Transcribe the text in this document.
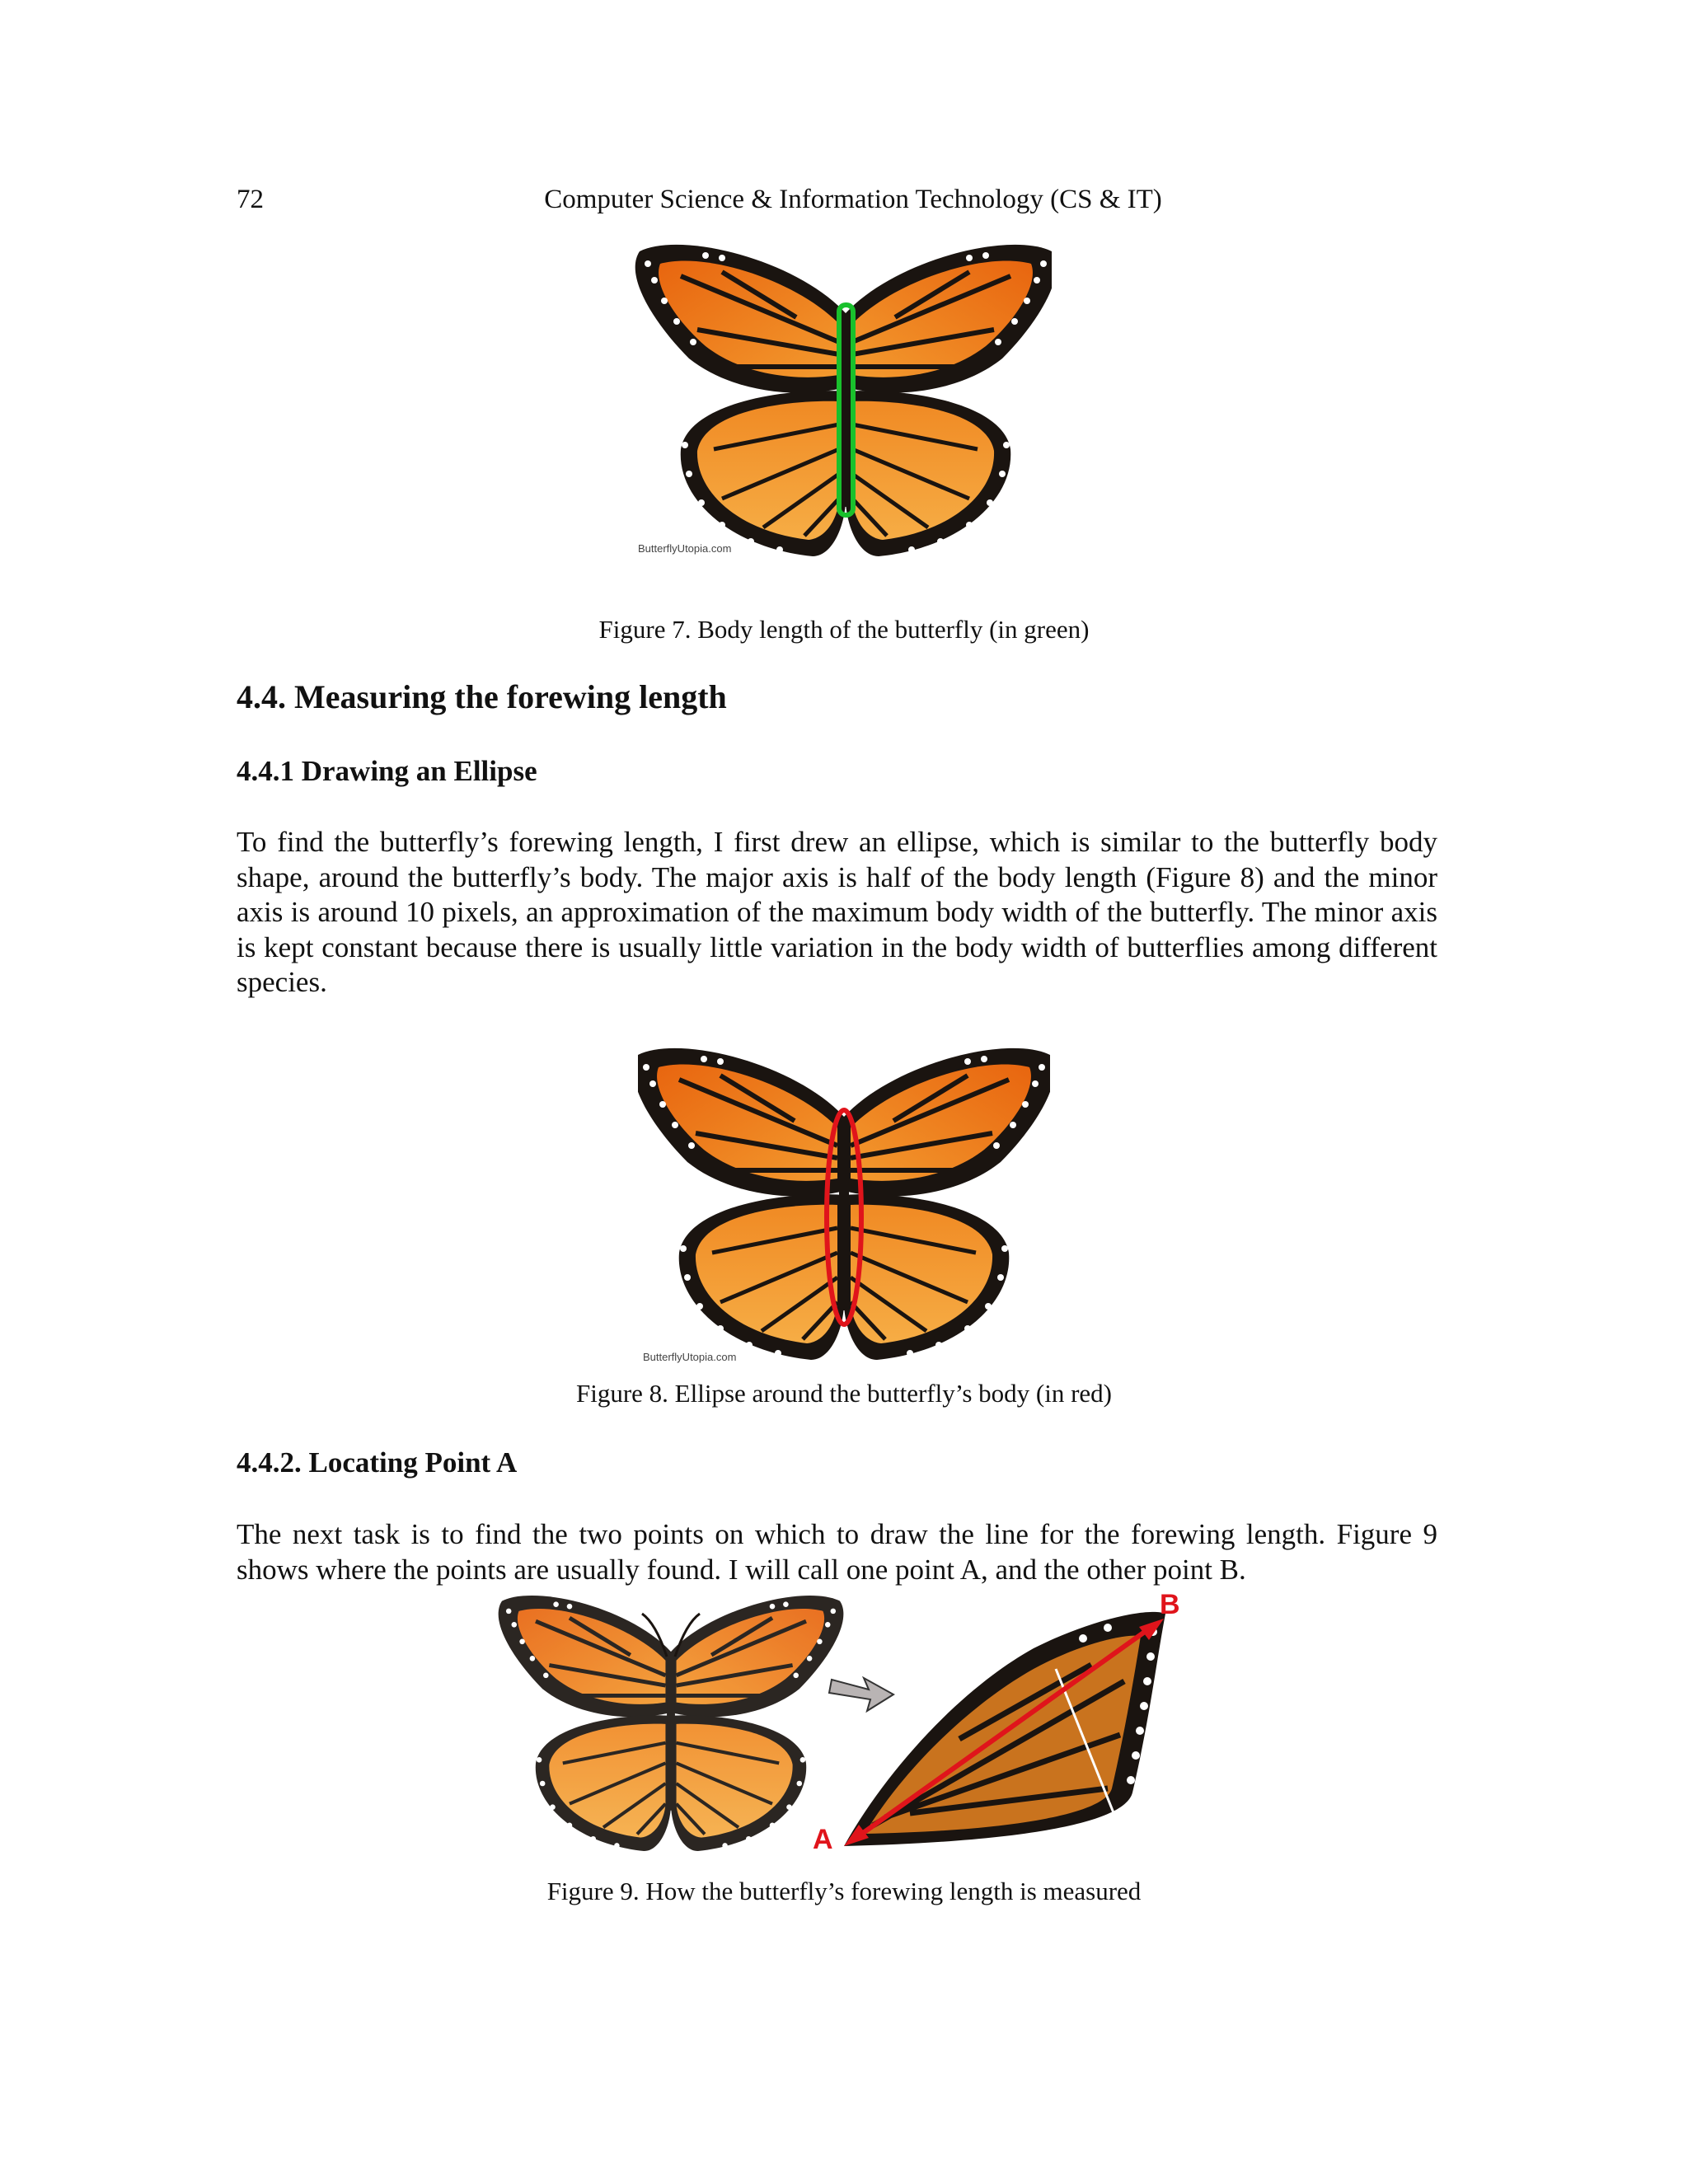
72	Computer Science & Information Technology (CS & IT)
ButterflyUtopia.com
Figure 7. Body length of the butterfly (in green)
4.4. Measuring the forewing length
4.4.1 Drawing an Ellipse

To find the butterfly’s forewing length, I first drew an ellipse, which is similar to the butterfly body shape, around the butterfly’s body. The major axis is half of the body length (Figure 8) and the minor axis is around 10 pixels, an approximation of the maximum body width of the butterfly. The minor axis is kept constant because there is usually little variation in the body width of butterflies among different species.

ButterflyUtopia.com
Figure 8. Ellipse around the butterfly’s body (in red)
4.4.2. Locating Point A

The next task is to find the two points on which to draw the line for the forewing length. Figure 9 shows where the points are usually found. I will call one point A, and the other point B.

A
B
Figure 9. How the butterfly’s forewing length is measured
